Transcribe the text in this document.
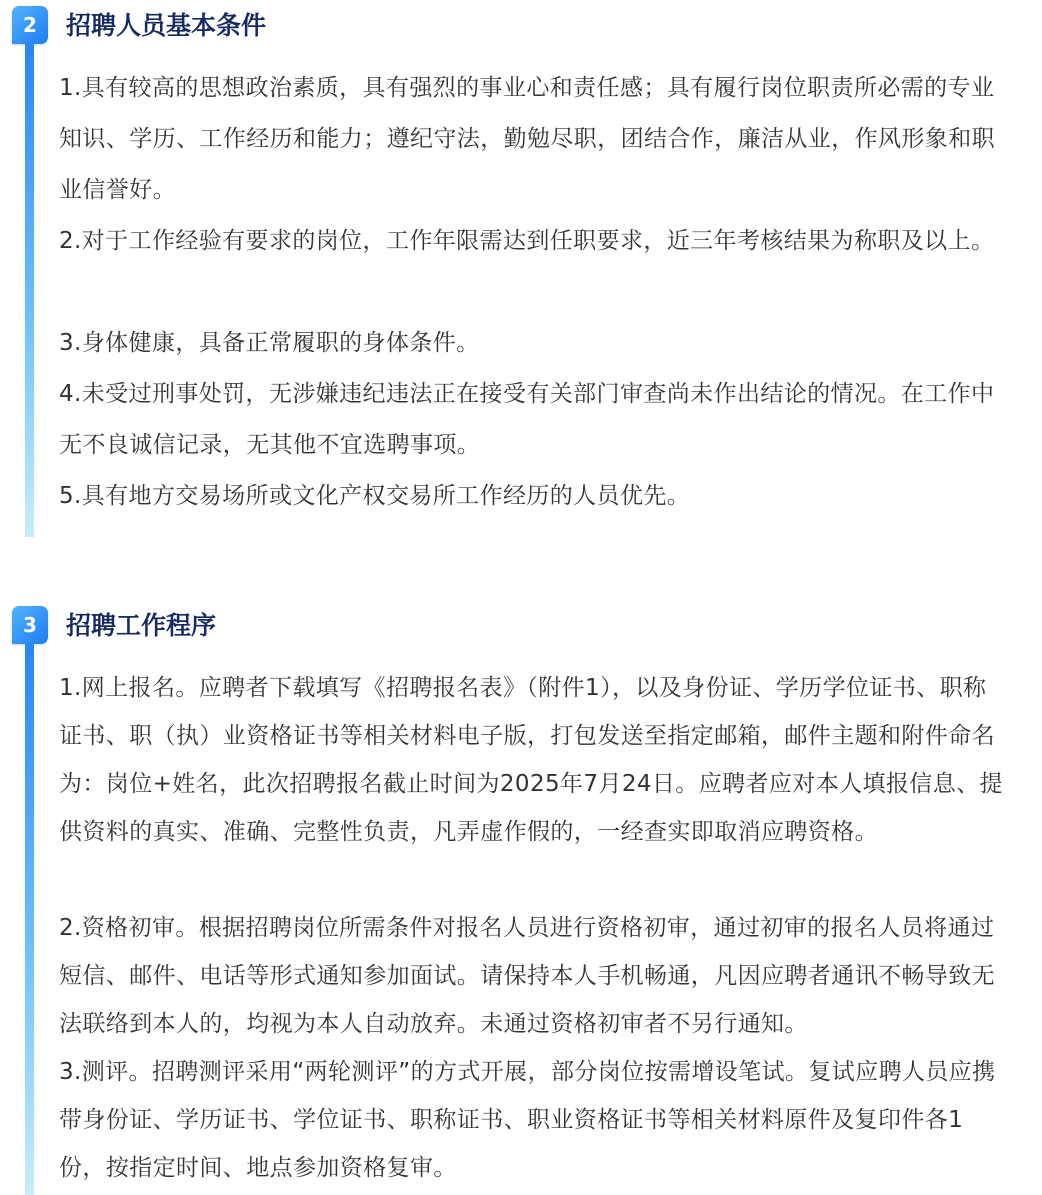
2	招聘人员基本条件

1.具有较高的思想政治素质，具有强烈的事业心和责任感；具有履行岗位职责所必需的专业知识、学历、工作经历和能力；遵纪守法，勤勉尽职，团结合作，廉洁从业，作风形象和职业信誉好。

2.对于工作经验有要求的岗位，工作年限需达到任职要求，近三年考核结果为称职及以上。

3.身体健康，具备正常履职的身体条件。

4.未受过刑事处罚，无涉嫌违纪违法正在接受有关部门审查尚未作出结论的情况。在工作中无不良诚信记录，无其他不宜选聘事项。

5.具有地方交易场所或文化产权交易所工作经历的人员优先。

3	招聘工作程序

1.网上报名。应聘者下载填写《招聘报名表》（附件1），以及身份证、学历学位证书、职称证书、职（执）业资格证书等相关材料电子版，打包发送至指定邮箱，邮件主题和附件命名为：岗位+姓名，此次招聘报名截止时间为2025年7月24日。应聘者应对本人填报信息、提供资料的真实、准确、完整性负责，凡弄虚作假的，一经查实即取消应聘资格。

2.资格初审。根据招聘岗位所需条件对报名人员进行资格初审，通过初审的报名人员将通过短信、邮件、电话等形式通知参加面试。请保持本人手机畅通，凡因应聘者通讯不畅导致无法联络到本人的，均视为本人自动放弃。未通过资格初审者不另行通知。

3.测评。招聘测评采用“两轮测评”的方式开展，部分岗位按需增设笔试。复试应聘人员应携带身份证、学历证书、学位证书、职称证书、职业资格证书等相关材料原件及复印件各1份，按指定时间、地点参加资格复审。
